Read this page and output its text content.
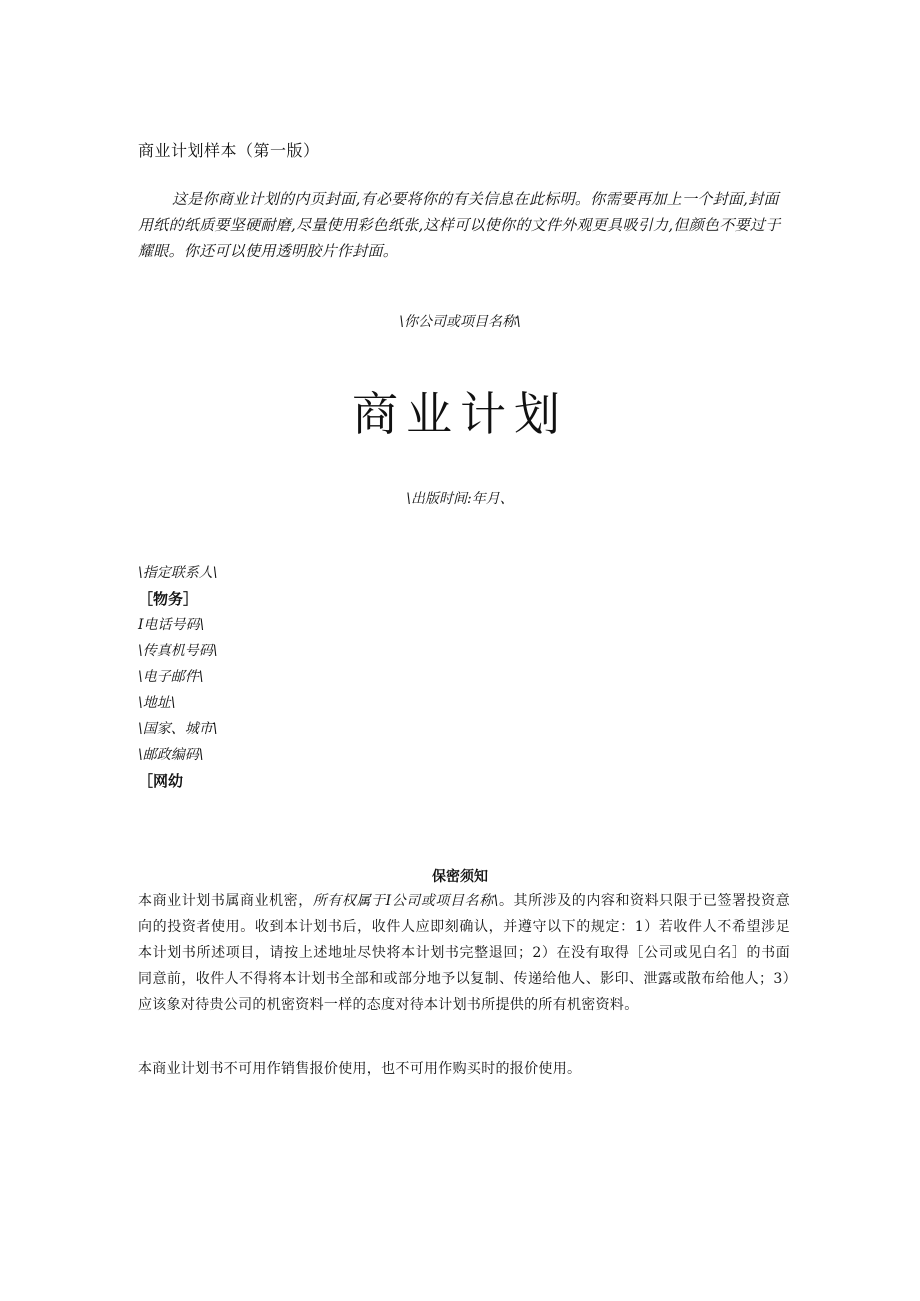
商业计划样本（第一版）
这是你商业计划的内页封面,有必要将你的有关信息在此标明。你需要再加上一个封面,封面用纸的纸质要坚硬耐磨,尽量使用彩色纸张,这样可以使你的文件外观更具吸引力,但颜色不要过于耀眼。你还可以使用透明胶片作封面。
\你公司或项目名称\
商业计划
\出版时间:年月、
\指定联系人\
［物务］
I电话号码\
\传真机号码\
\电子邮件\
\地址\
\国家、城市\
\邮政编码\
［网幼
保密须知
本商业计划书属商业机密，所有权属于I公司或项目名称\。其所涉及的内容和资料只限于已签署投资意向的投资者使用。收到本计划书后，收件人应即刻确认，并遵守以下的规定：1）若收件人不希望涉足本计划书所述项目，请按上述地址尽快将本计划书完整退回；2）在没有取得［公司或见白名］的书面同意前，收件人不得将本计划书全部和或部分地予以复制、传递给他人、影印、泄露或散布给他人；3）应该象对待贵公司的机密资料一样的态度对待本计划书所提供的所有机密资料。
本商业计划书不可用作销售报价使用，也不可用作购买时的报价使用。
